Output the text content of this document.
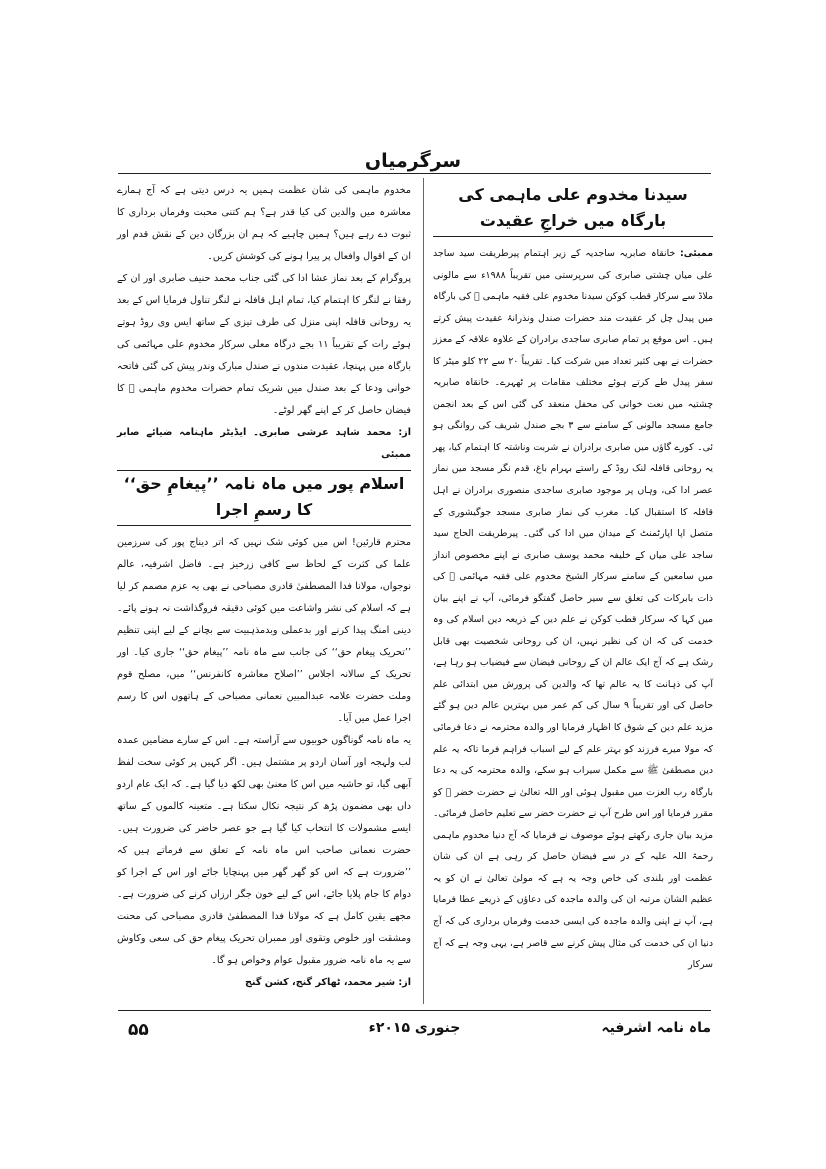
سرگرمیاں
سیدنا مخدوم علی ماہمی کی بارگاہ میں خراجِ عقیدت

ممبئی: خانقاہ صابریہ ساجدیہ کے زیر اہتمام پیرطریقت سید ساجد علی میاں چشتی صابری کی سرپرستی میں تقریباً ۱۹۸۸ء سے مالونی ملاڈ سے سرکار قطب کوکن سیدنا مخدوم علی فقیہ ماہمی ﷫ کی بارگاہ میں پیدل چل کر عقیدت مند حضرات صندل ونذرانۂ عقیدت پیش کرتے ہیں۔ اس موقع پر تمام صابری ساجدی برادران کے علاوہ علاقہ کے معزز حضرات نے بھی کثیر تعداد میں شرکت کیا۔ تقریباً ۲۰ سے ۲۲ کلو میٹر کا سفر پیدل طے کرتے ہوئے مختلف مقامات پر ٹھہرے۔ خانقاہ صابریہ چشتیہ میں نعت خوانی کی محفل منعقد کی گئی اس کے بعد انجمن جامع مسجد مالونی کے سامنے سے ۳ بجے صندل شریف کی روانگی ہو ئی۔ کورے گاؤں میں صابری برادران نے شربت وناشتہ کا اہتمام کیا، پھر یہ روحانی قافلہ لنک روڈ کے راستے بہرام باغ، قدم نگر مسجد میں نماز عصر ادا کی، وہاں پر موجود صابری ساجدی منصوری برادران نے اہل قافلہ کا استقبال کیا۔ مغرب کی نماز صابری مسجد جوگیشوری کے متصل اپا اپارٹمنٹ کے میدان میں ادا کی گئی۔ پیرطریقت الحاج سید ساجد علی میاں کے خلیفہ محمد یوسف صابری نے اپنے مخصوص انداز میں سامعین کے سامنے سرکار الشیخ مخدوم علی فقیہ مہائمی ﷫ کی ذات بابرکات کی تعلق سے سیر حاصل گفتگو فرمائی، آپ نے اپنے بیان میں کہا کہ سرکار قطب کوکن نے علم دین کے ذریعہ دین اسلام کی وہ خدمت کی کہ ان کی نظیر نہیں، ان کی روحانی شخصیت بھی قابل رشک ہے کہ آج ایک عالم ان کے روحانی فیضان سے فیضیاب ہو رہا ہے، آپ کی ذہانت کا یہ عالم تھا کہ والدین کی پرورش میں ابتدائی علم حاصل کی اور تقریباً ۹ سال کی کم عمر میں بہترین عالم دین ہو گئے مزید علم دین کے شوق کا اظہار فرمایا اور والدہ محترمہ نے دعا فرمائی کہ مولا میرے فرزند کو بہتر علم کے لیے اسباب فراہم فرما تاکہ یہ علم دین مصطفیٰ ﷺ سے مکمل سیراب ہو سکے، والدہ محترمہ کی یہ دعا بارگاہ رب العزت میں مقبول ہوئی اور اللہ تعالیٰ نے حضرت خضر ﷣ کو مقرر فرمایا اور اس طرح آپ نے حضرت خضر سے تعلیم حاصل فرمائی۔ مزید بیان جاری رکھتے ہوئے موصوف نے فرمایا کہ آج دنیا مخدوم ماہمی رحمۃ اللہ علیہ کے در سے فیضان حاصل کر رہی ہے ان کی شان عظمت اور بلندی کی خاص وجہ یہ ہے کہ مولیٰ تعالیٰ نے ان کو یہ عظیم الشان مرتبہ ان کی والدہ ماجدہ کی دعاؤں کے ذریعے عطا فرمایا ہے، آپ نے اپنی والدہ ماجدہ کی ایسی خدمت وفرماں برداری کی کہ آج دنیا ان کی خدمت کی مثال پیش کرنے سے قاصر ہے، یہی وجہ ہے کہ آج سرکار

مخدوم ماہمی کی شان عظمت ہمیں یہ درس دیتی ہے کہ آج ہمارے معاشرہ میں والدین کی کیا قدر ہے؟ ہم کتنی محبت وفرماں برداری کا ثبوت دے رہے ہیں؟ ہمیں چاہیے کہ ہم ان بزرگان دین کے نقش قدم اور ان کے اقوال وافعال پر پیرا ہونے کی کوشش کریں۔

پروگرام کے بعد نماز عشا ادا کی گئی جناب محمد حنیف صابری اور ان کے رفقا نے لنگر کا اہتمام کیا، تمام اہل قافلہ نے لنگر تناول فرمایا اس کے بعد یہ روحانی قافلہ اپنی منزل کی طرف تیزی کے ساتھ ایس وی روڈ ہوتے ہوئے رات کے تقریباً ۱۱ بجے درگاہ معلی سرکار مخدوم علی مہائمی کی بارگاہ میں پہنچا، عقیدت مندوں نے صندل مبارک وندر پیش کی گئی فاتحہ خوانی ودعا کے بعد صندل میں شریک تمام حضرات مخدوم ماہمی ﷫ کا فیضان حاصل کر کے اپنے گھر لوٹے۔

از: محمد شاہد عرشی صابری۔ ایڈیٹر ماہنامہ ضیائے صابر ممبئی

اسلام پور میں ماہ نامہ ’’پیغامِ حق‘‘ کا رسمِ اجرا

محترم قارئین! اس میں کوئی شک نہیں کہ اتر دیناج پور کی سرزمین علما کی کثرت کے لحاظ سے کافی زرخیز ہے۔ فاضل اشرفیہ، عالم نوجواں، مولانا فدا المصطفیٰ قادری مصباحی نے بھی یہ عزم مصمم کر لیا ہے کہ اسلام کی نشر واشاعت میں کوئی دقیقہ فروگذاشت نہ ہونے پائے۔ دینی امنگ پیدا کرنے اور بدعملی وبدمذہبیت سے بچانے کے لیے اپنی تنظیم ’’تحریک پیغام حق‘‘ کی جانب سے ماہ نامہ ’’پیغام حق‘‘ جاری کیا۔ اور تحریک کے سالانہ اجلاس ’’اصلاح معاشرہ کانفرنس‘‘ میں، مصلح قوم وملت حضرت علامہ عبدالمبین نعمانی مصباحی کے ہاتھوں اس کا رسم اجرا عمل میں آیا۔

یہ ماہ نامہ گوناگوں خوبیوں سے آراستہ ہے۔ اس کے سارے مضامین عمدہ لب ولہجہ اور آسان اردو پر مشتمل ہیں۔ اگر کہیں پر کوئی سخت لفظ آبھی گیا، تو حاشیہ میں اس کا معنیٰ بھی لکھ دیا گیا ہے۔ کہ ایک عام اردو داں بھی مضمون پڑھ کر نتیجہ نکال سکتا ہے۔ متعینہ کالموں کے ساتھ ایسے مشمولات کا انتخاب کیا گیا ہے جو عصر حاضر کی ضرورت ہیں۔ حضرت نعمانی صاحب اس ماہ نامہ کے تعلق سے فرماتے ہیں کہ ’’ضرورت ہے کہ اس کو گھر گھر میں پہنچایا جائے اور اس کے اجرا کو دوام کا جام پلایا جائے، اس کے لیے خون جگر ارزاں کرنے کی ضرورت ہے۔ مجھے یقین کامل ہے کہ مولانا فدا المصطفیٰ قادری مصباحی کی محنت ومشقت اور خلوص وتقوی اور ممبران تحریک پیغام حق کی سعی وکاوش سے یہ ماہ نامہ ضرور مقبول عوام وخواص ہو گا۔

از: شیر محمد، ٹھاکر گنج، کشن گنج

ماہ نامہ اشرفیہ
جنوری ۲۰۱۵ء
۵۵
